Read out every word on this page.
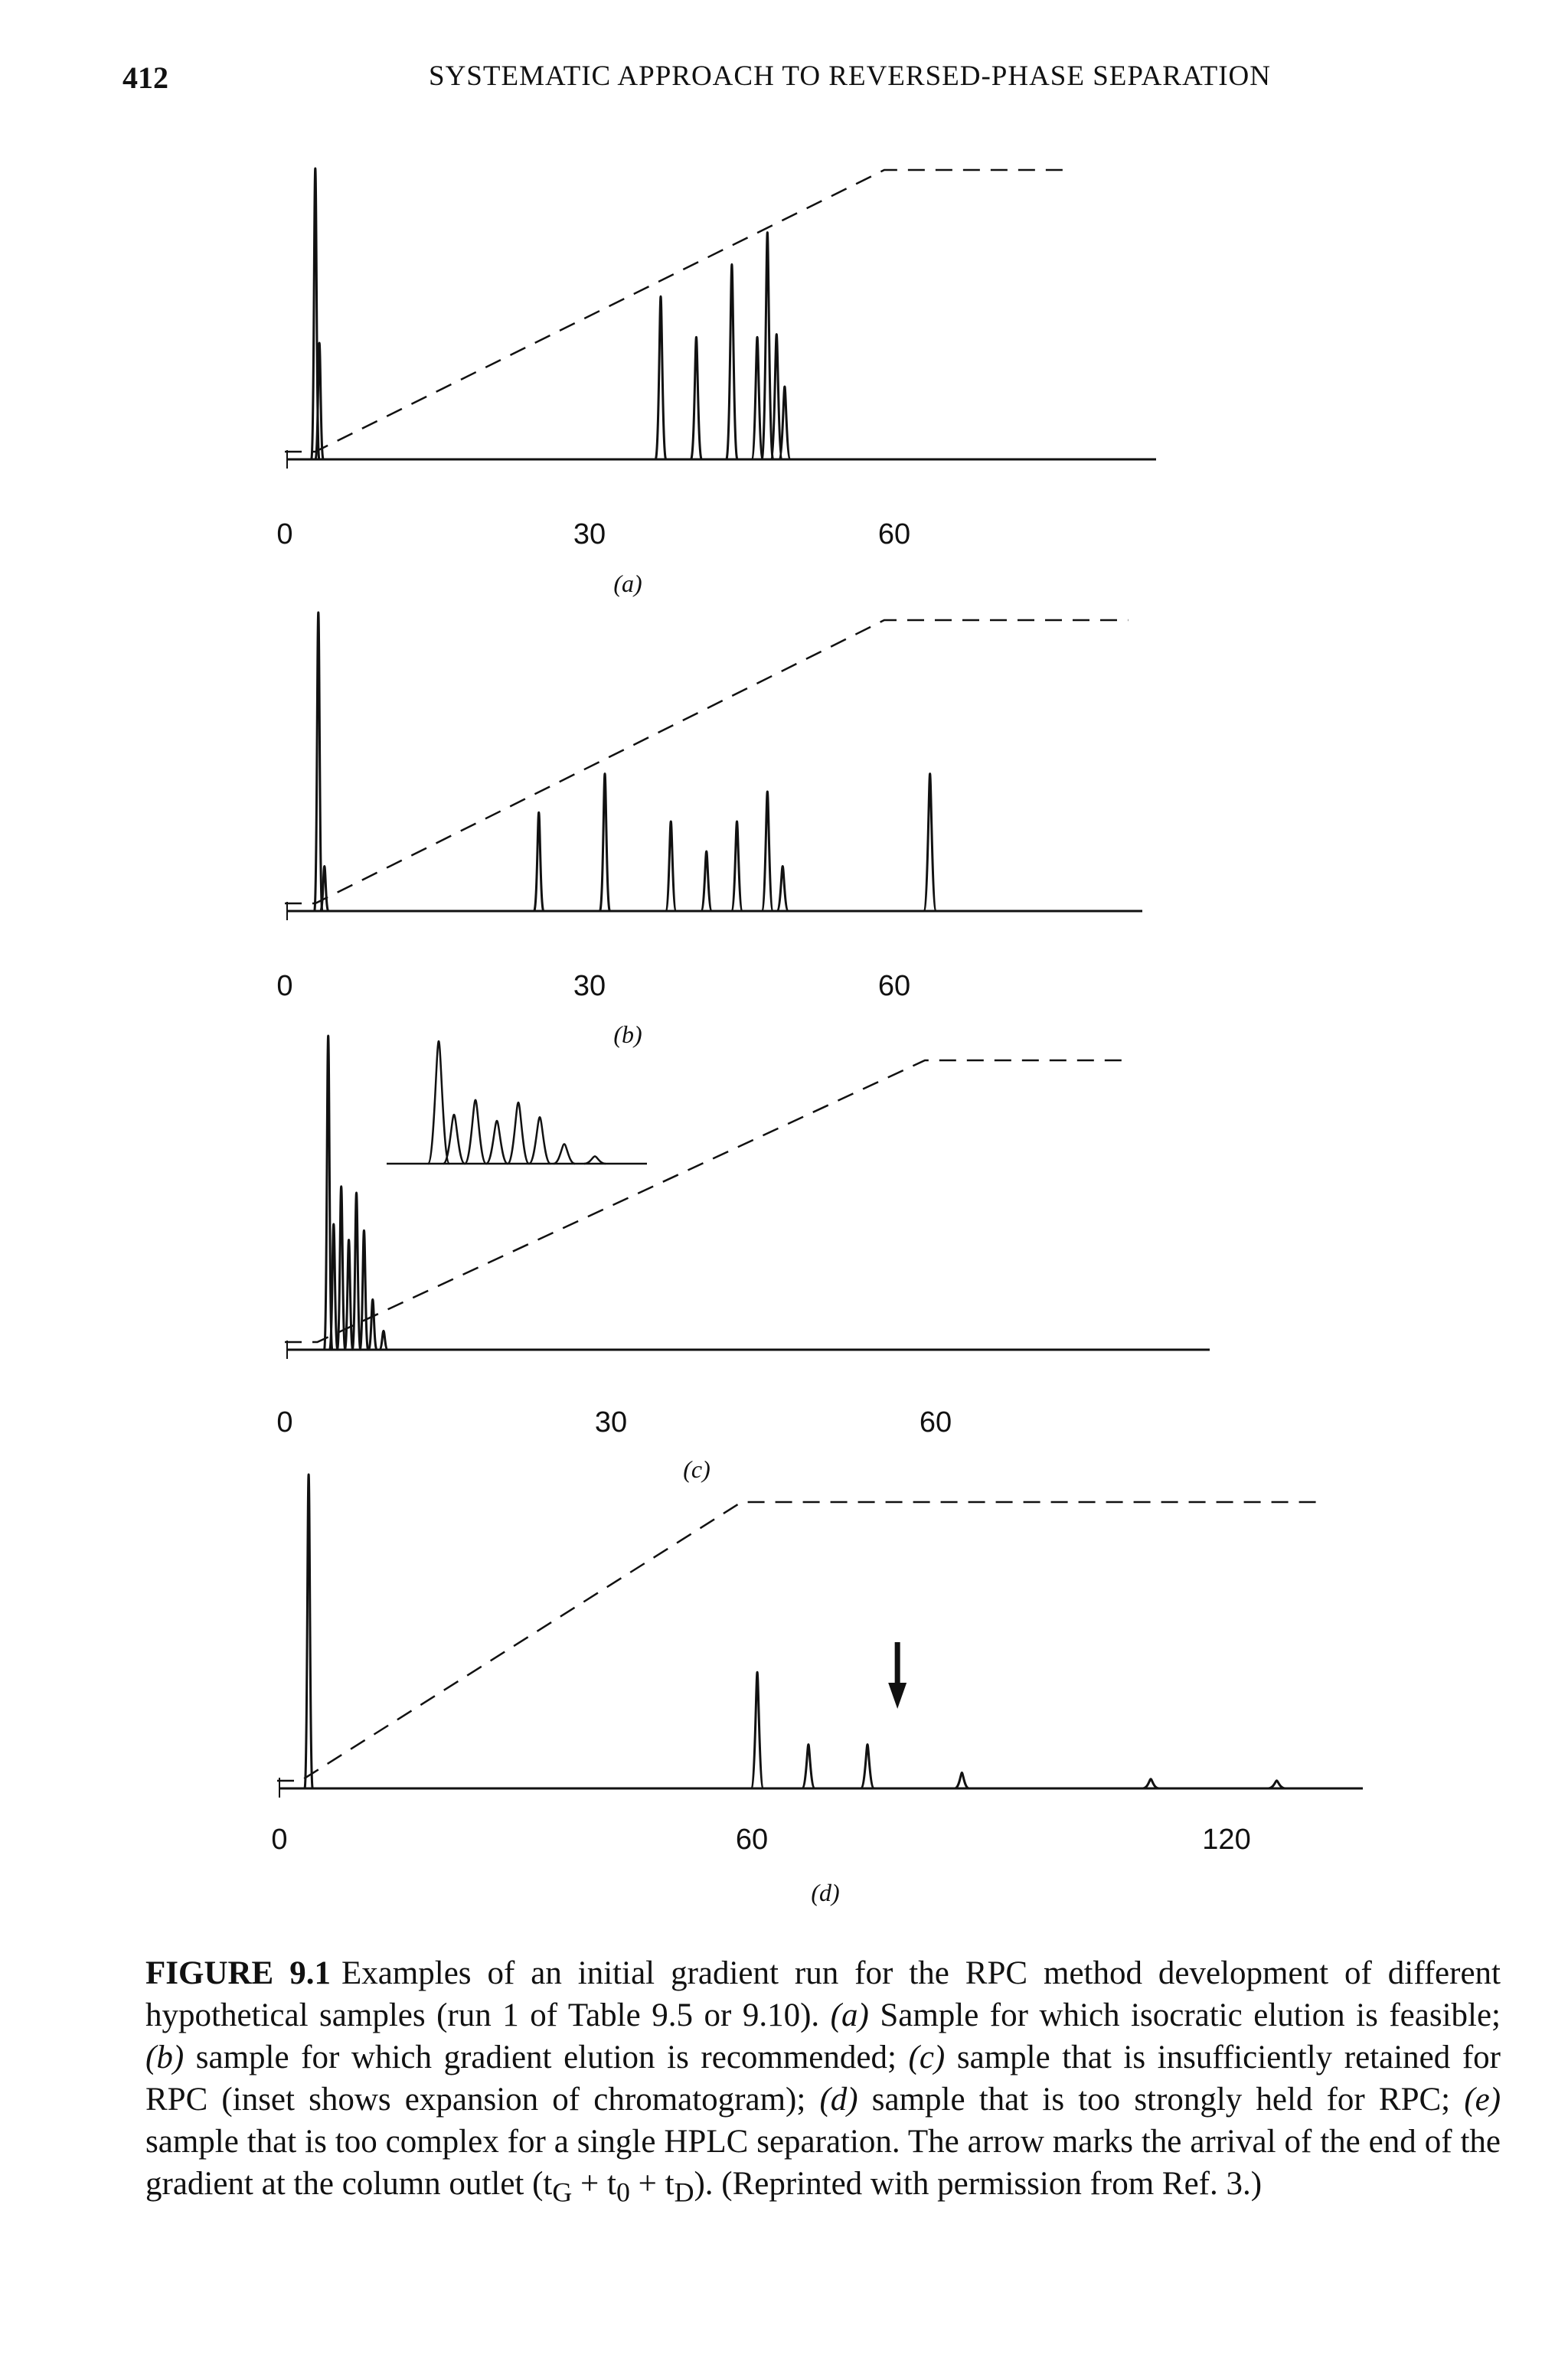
412	SYSTEMATIC APPROACH TO REVERSED-PHASE SEPARATION
0	30	60
(a)
0	30	60
(b)
0	30	60
(c)
0	60	120
(d)
FIGURE 9.1 Examples of an initial gradient run for the RPC method development of different hypothetical samples (run 1 of Table 9.5 or 9.10). (a) Sample for which isocratic elution is feasible; (b) sample for which gradient elution is recommended; (c) sample that is insufficiently retained for RPC (inset shows expansion of chromatogram); (d) sample that is too strongly held for RPC; (e) sample that is too complex for a single HPLC separation. The arrow marks the arrival of the end of the gradient at the column outlet $(t_G + t_0 + t_D)$. (Reprinted with permission from Ref. 3.)
